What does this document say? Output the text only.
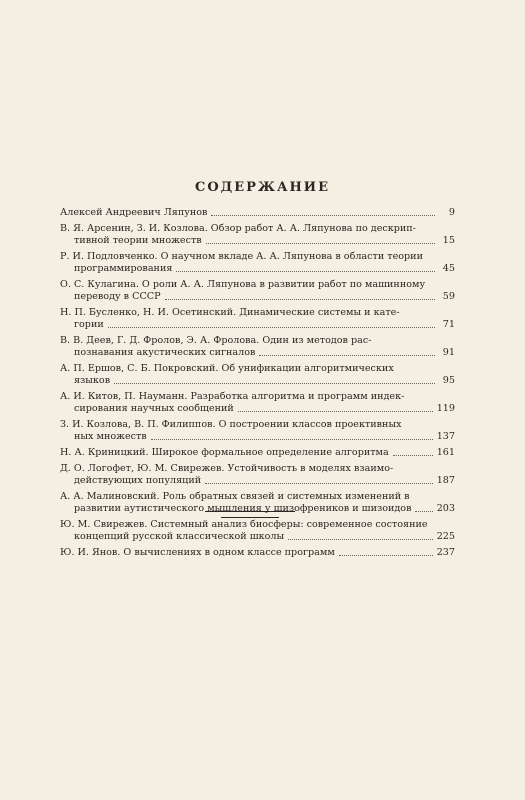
СОДЕРЖАНИЕ
Алексей Андреевич Ляпунов	9
В. Я. Арсенин, З. И. Козлова. Обзор работ А. А. Ляпунова по дескрип-
тивной теории множеств	15
Р. И. Подловченко. О научном вкладе А. А. Ляпунова в области теории
программирования	45
О. С. Кулагина. О роли А. А. Ляпунова в развитии работ по машинному
переводу в СССР	59
Н. П. Бусленко, Н. И. Осетинский. Динамические системы и кате-
гории	71
В. В. Деев, Г. Д. Фролов, Э. А. Фролова. Один из методов рас-
познавания акустических сигналов	91
А. П. Ершов, С. Б. Покровский. Об унификации алгоритмических
языков	95
А. И. Китов, П. Науманн. Разработка алгоритма и программ индек-
сирования научных сообщений	119
З. И. Козлова, В. П. Филиппов. О построении классов проективных
ных множеств	137
Н. А. Криницкий. Широкое формальное определение алгоритма	161
Д. О. Логофет, Ю. М. Свирежев. Устойчивость в моделях взаимо-
действующих популяций	187
А. А. Малиновский. Роль обратных связей и системных изменений в
развитии аутистического мышления у шизофреников и шизоидов	203
Ю. М. Свирежев. Системный анализ биосферы: современное состояние
концепций русской классической школы	225
Ю. И. Янов. О вычислениях в одном классе программ	237
